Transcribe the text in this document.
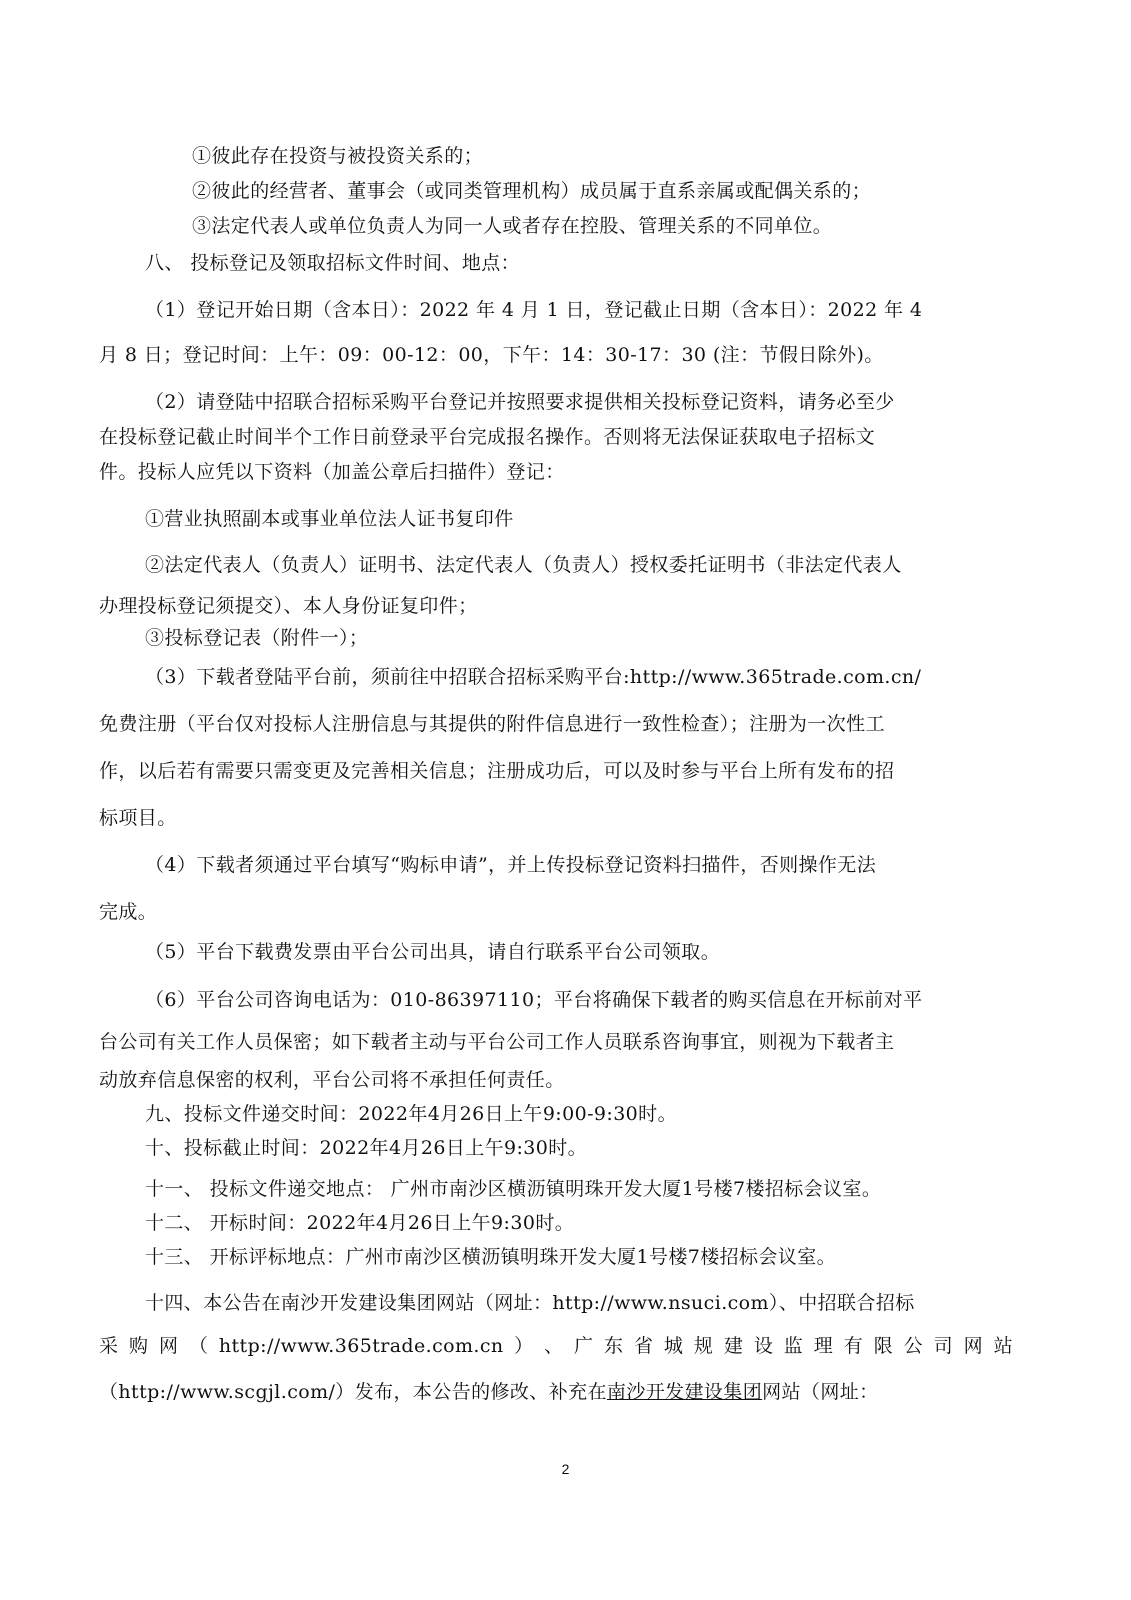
①彼此存在投资与被投资关系的；
②彼此的经营者、董事会（或同类管理机构）成员属于直系亲属或配偶关系的；
③法定代表人或单位负责人为同一人或者存在控股、管理关系的不同单位。
八、 投标登记及领取招标文件时间、地点：
（1）登记开始日期（含本日）：2022 年 4 月 1 日，登记截止日期（含本日）：2022 年 4
月 8 日；登记时间：上午：09：00-12：00，下午：14：30-17：30 (注：节假日除外)。
（2）请登陆中招联合招标采购平台登记并按照要求提供相关投标登记资料，请务必至少
在投标登记截止时间半个工作日前登录平台完成报名操作。否则将无法保证获取电子招标文
件。投标人应凭以下资料（加盖公章后扫描件）登记：
①营业执照副本或事业单位法人证书复印件
②法定代表人（负责人）证明书、法定代表人（负责人）授权委托证明书（非法定代表人
办理投标登记须提交）、本人身份证复印件；
③投标登记表（附件一）；
（3）下载者登陆平台前，须前往中招联合招标采购平台:http://www.365trade.com.cn/
免费注册（平台仅对投标人注册信息与其提供的附件信息进行一致性检查）；注册为一次性工
作，以后若有需要只需变更及完善相关信息；注册成功后，可以及时参与平台上所有发布的招
标项目。
（4）下载者须通过平台填写“购标申请”，并上传投标登记资料扫描件，否则操作无法
完成。
（5）平台下载费发票由平台公司出具，请自行联系平台公司领取。
（6）平台公司咨询电话为：010-86397110；平台将确保下载者的购买信息在开标前对平
台公司有关工作人员保密；如下载者主动与平台公司工作人员联系咨询事宜，则视为下载者主
动放弃信息保密的权利，平台公司将不承担任何责任。
九、投标文件递交时间：2022年4月26日上午9:00-9:30时。
十、投标截止时间：2022年4月26日上午9:30时。
十一、 投标文件递交地点： 广州市南沙区横沥镇明珠开发大厦1号楼7楼招标会议室。
十二、 开标时间：2022年4月26日上午9:30时。
十三、 开标评标地点：广州市南沙区横沥镇明珠开发大厦1号楼7楼招标会议室。
十四、本公告在南沙开发建设集团网站（网址：http://www.nsuci.com）、中招联合招标
采 购 网 （ http://www.365trade.com.cn ） 、 广 东 省 城 规 建 设 监 理 有 限 公 司 网 站
（http://www.scgjl.com/）发布，本公告的修改、补充在南沙开发建设集团网站（网址：
2
